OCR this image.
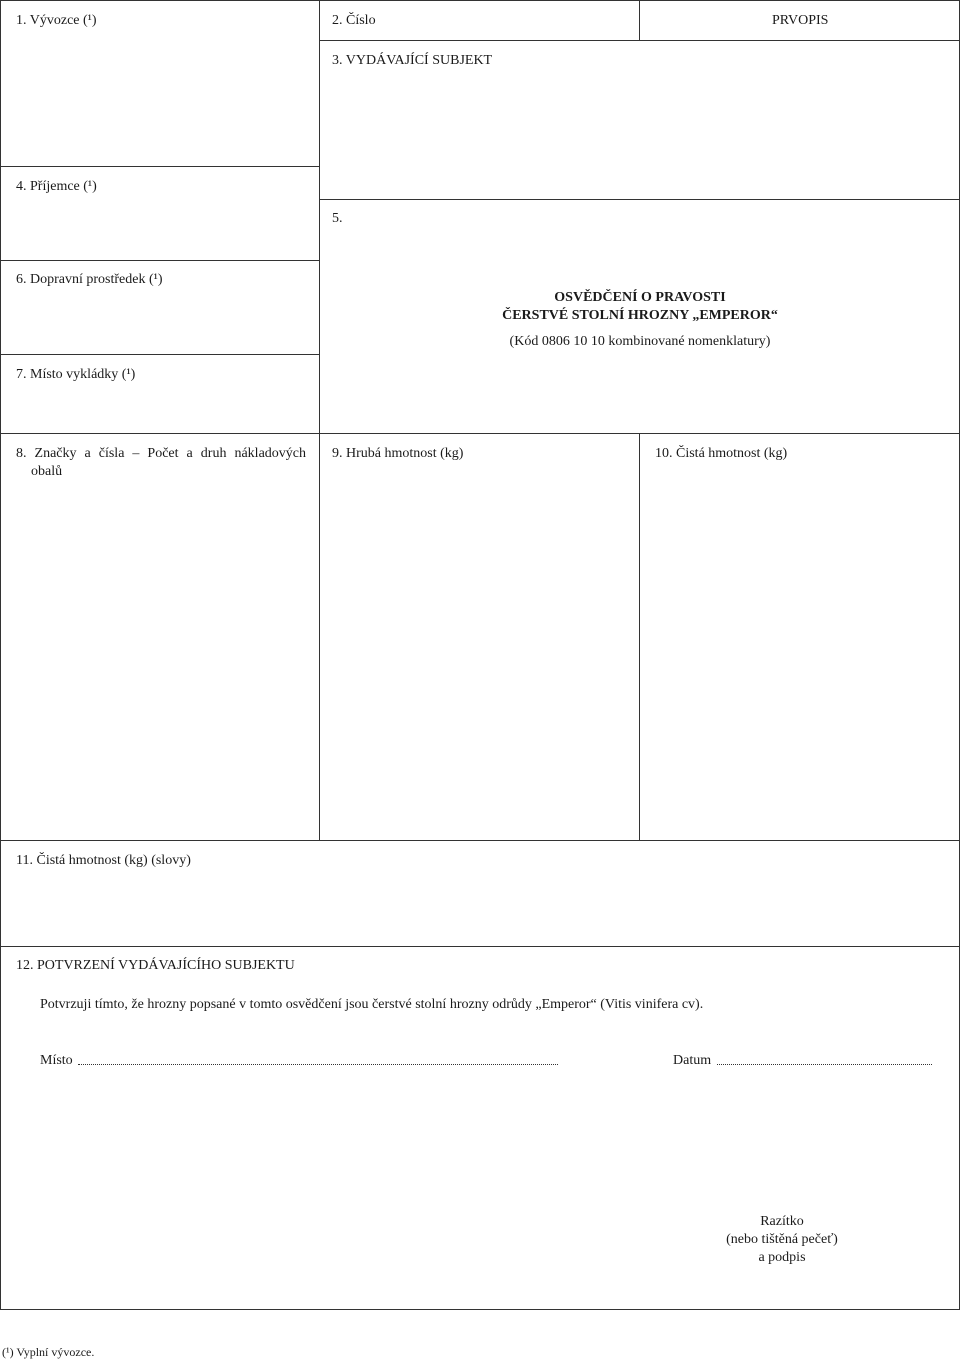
1. Vývozce (¹)	2. Číslo	PRVOPIS
3. VYDÁVAJÍCÍ SUBJEKT
4. Příjemce (¹)
5.
6. Dopravní prostředek (¹)
OSVĚDČENÍ O PRAVOSTI
ČERSTVÉ STOLNÍ HROZNY „EMPEROR“
(Kód 0806 10 10 kombinované nomenklatury)
7. Místo vykládky (¹)
8. Značky a čísla – Počet a druh nákladových
obalů
9. Hrubá hmotnost (kg)	10. Čistá hmotnost (kg)
11. Čistá hmotnost (kg) (slovy)
12. POTVRZENÍ VYDÁVAJÍCÍHO SUBJEKTU
Potvrzuji tímto, že hrozny popsané v tomto osvědčení jsou čerstvé stolní hrozny odrůdy „Emperor“ (Vitis vinifera cv).
Místo	Datum
Razítko
(nebo tištěná pečeť)
a podpis
(¹) Vyplní vývozce.
